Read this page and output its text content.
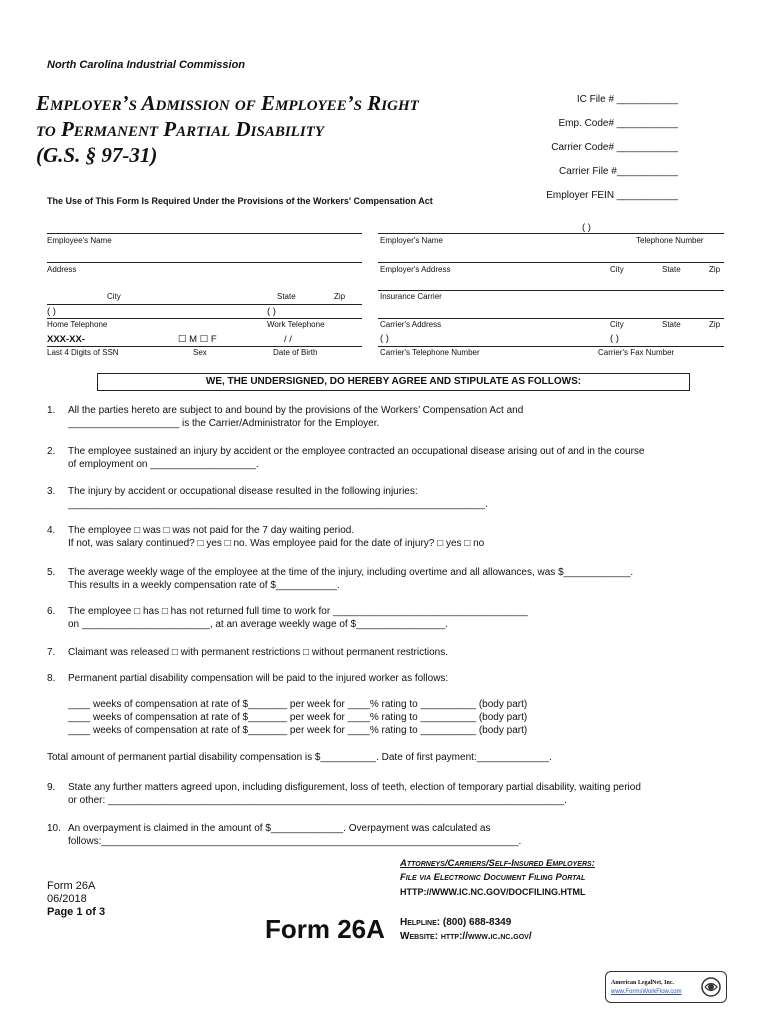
North Carolina Industrial Commission
Employer’s Admission of Employee’s Right
to Permanent Partial Disability
(G.S. § 97-31)
IC File # ___________
Emp. Code# ___________
Carrier Code# ___________
Carrier File #___________
Employer FEIN ___________
The Use of This Form Is Required Under the Provisions of the Workers' Compensation Act
( )
Employee's Name	Employer's Name	Telephone Number
Address	Employer's Address	City	State	Zip
City	State	Zip	Insurance Carrier
( )	( )
Home Telephone	Work Telephone	Carrier's Address	City	State	Zip
XXX-XX-	☐ M ☐ F	/ /	( )	( )
Last 4 Digits of SSN	Sex	Date of Birth	Carrier's Telephone Number	Carrier's Fax Number
WE, THE UNDERSIGNED, DO HEREBY AGREE AND STIPULATE AS FOLLOWS:
1. All the parties hereto are subject to and bound by the provisions of the Workers’ Compensation Act and
____________________ is the Carrier/Administrator for the Employer.
2. The employee sustained an injury by accident or the employee contracted an occupational disease arising out of and in the course
of employment on ___________________.
3. The injury by accident or occupational disease resulted in the following injuries:
___________________________________________________________________________.
4. The employee □ was □ was not paid for the 7 day waiting period.
If not, was salary continued? □ yes □ no. Was employee paid for the date of injury? □ yes □ no
5. The average weekly wage of the employee at the time of the injury, including overtime and all allowances, was $____________.
This results in a weekly compensation rate of $___________.
6. The employee □ has □ has not returned full time to work for ___________________________________
on _______________________, at an average weekly wage of $________________.
7. Claimant was released □ with permanent restrictions □ without permanent restrictions.
8. Permanent partial disability compensation will be paid to the injured worker as follows:
____ weeks of compensation at rate of $_______ per week for ____% rating to __________ (body part)
____ weeks of compensation at rate of $_______ per week for ____% rating to __________ (body part)
____ weeks of compensation at rate of $_______ per week for ____% rating to __________ (body part)
Total amount of permanent partial disability compensation is $__________. Date of first payment:_____________.
9. State any further matters agreed upon, including disfigurement, loss of teeth, election of temporary partial disability, waiting period
or other: __________________________________________________________________________________.
10. An overpayment is claimed in the amount of $_____________. Overpayment was calculated as
follows:___________________________________________________________________________.
Attorneys/Carriers/Self-Insured Employers:
File via Electronic Document Filing Portal
HTTP://WWW.IC.NC.GOV/DOCFILING.HTML
Form 26A
06/2018
Page 1 of 3
Form 26A Helpline: (800) 688-8349
Website: http://www.ic.nc.gov/
American LegalNet, Inc.
www.FormsWorkFlow.com
